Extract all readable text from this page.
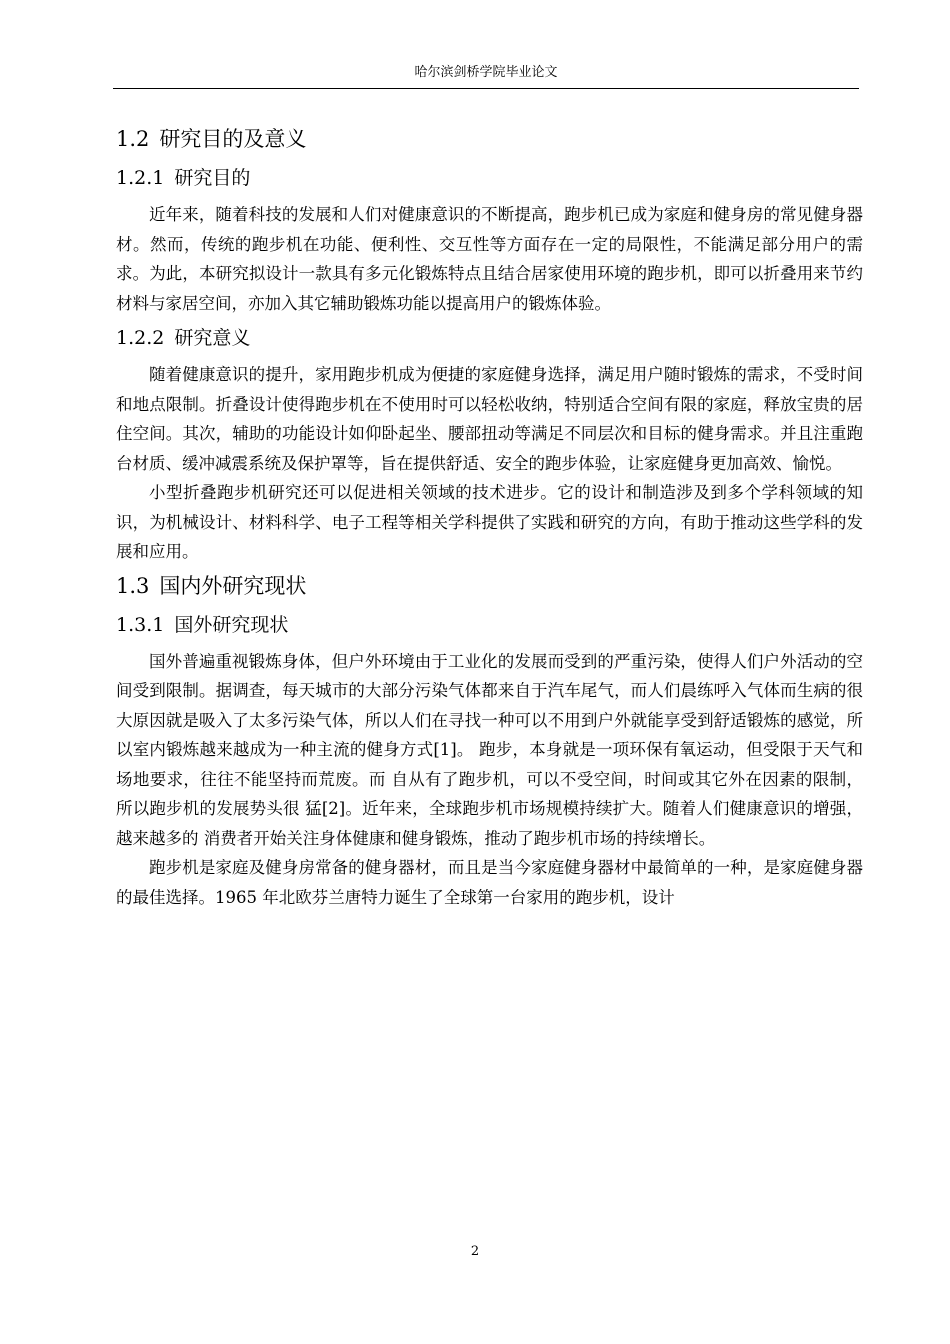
哈尔滨剑桥学院毕业论文
1.2 研究目的及意义
1.2.1 研究目的

近年来，随着科技的发展和人们对健康意识的不断提高，跑步机已成为家庭和健身房的常见健身器材。然而，传统的跑步机在功能、便利性、交互性等方面存在一定的局限性，不能满足部分用户的需求。为此，本研究拟设计一款具有多元化锻炼特点且结合居家使用环境的跑步机，即可以折叠用来节约材料与家居空间，亦加入其它辅助锻炼功能以提高用户的锻炼体验。

1.2.2 研究意义

随着健康意识的提升，家用跑步机成为便捷的家庭健身选择，满足用户随时锻炼的需求，不受时间和地点限制。折叠设计使得跑步机在不使用时可以轻松收纳，特别适合空间有限的家庭，释放宝贵的居住空间。其次，辅助的功能设计如仰卧起坐、腰部扭动等满足不同层次和目标的健身需求。并且注重跑台材质、缓冲减震系统及保护罩等，旨在提供舒适、安全的跑步体验，让家庭健身更加高效、愉悦。

小型折叠跑步机研究还可以促进相关领域的技术进步。它的设计和制造涉及到多个学科领域的知识，为机械设计、材料科学、电子工程等相关学科提供了实践和研究的方向，有助于推动这些学科的发展和应用。

1.3 国内外研究现状
1.3.1 国外研究现状

国外普遍重视锻炼身体，但户外环境由于工业化的发展而受到的严重污染，使得人们户外活动的空间受到限制。据调查，每天城市的大部分污染气体都来自于汽车尾气，而人们晨练呼入气体而生病的很大原因就是吸入了太多污染气体，所以人们在寻找一种可以不用到户外就能享受到舒适锻炼的感觉，所以室内锻炼越来越成为一种主流的健身方式[1]。 跑步，本身就是一项环保有氧运动，但受限于天气和场地要求，往往不能坚持而荒废。而 自从有了跑步机，可以不受空间，时间或其它外在因素的限制，所以跑步机的发展势头很 猛[2]。近年来，全球跑步机市场规模持续扩大。随着人们健康意识的增强，越来越多的 消费者开始关注身体健康和健身锻炼，推动了跑步机市场的持续增长。

跑步机是家庭及健身房常备的健身器材，而且是当今家庭健身器材中最简单的一种，是家庭健身器的最佳选择。1965 年北欧芬兰唐特力诞生了全球第一台家用的跑步机，设计

2
